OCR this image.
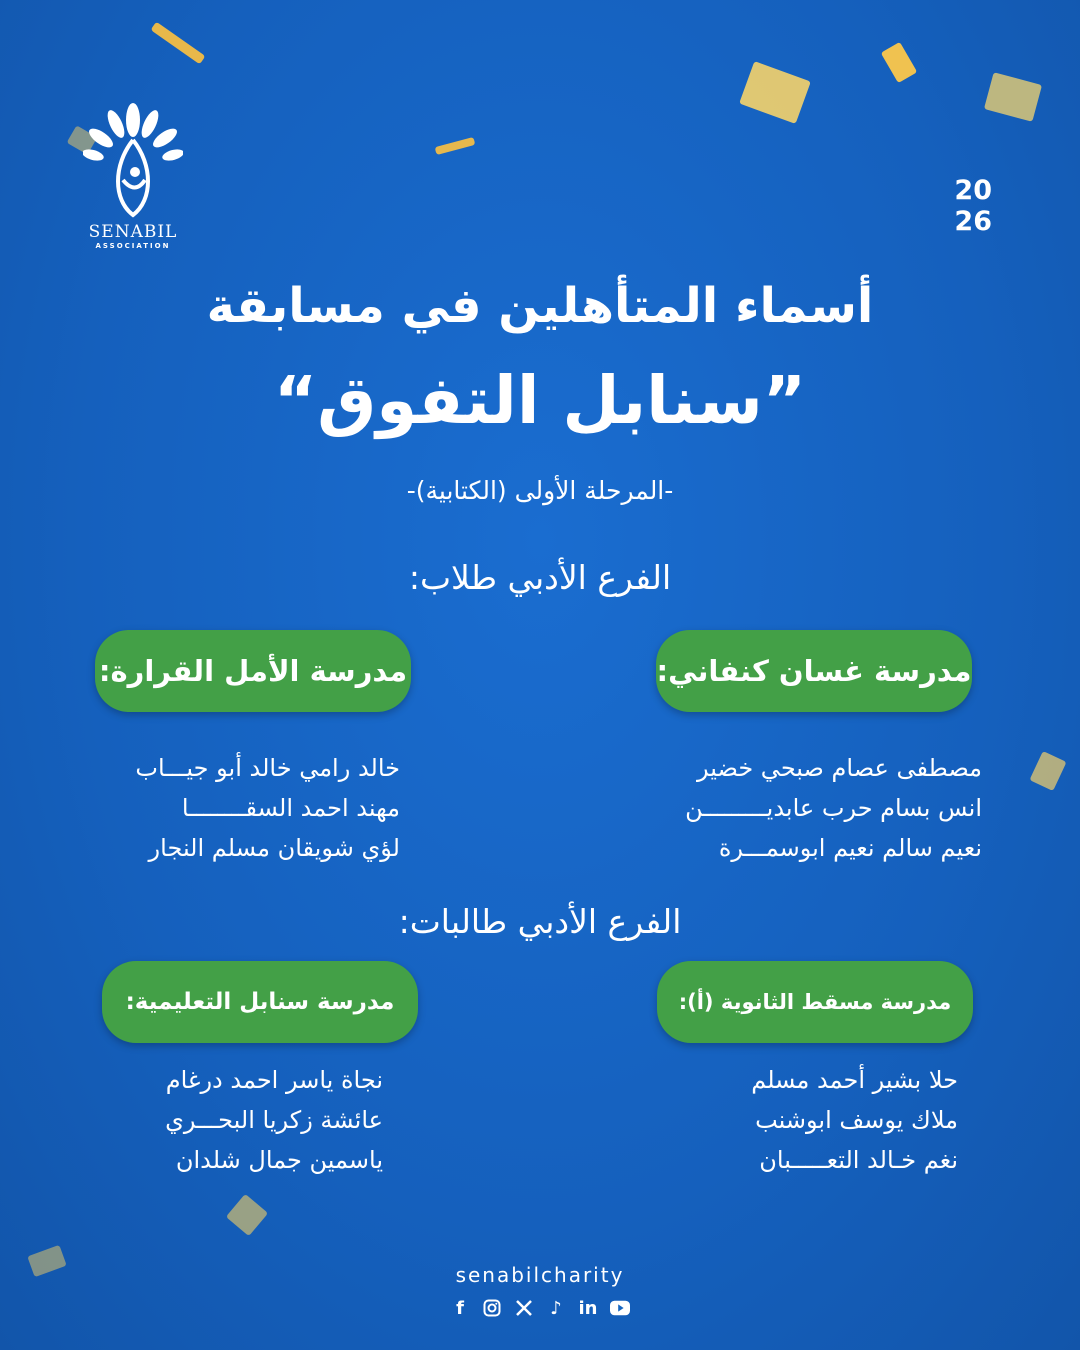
SENABIL
ASSOCIATION
20
26
أسماء المتأهلين في مسابقة
”سنابل التفوق“
-المرحلة الأولى (الكتابية)-
الفرع الأدبي طلاب:
مدرسة غسان كنفاني:
مدرسة الأمل القرارة:
مصطفى عصام صبحي خضير
انس بسام حرب عابديـــــــــن
نعيم سالم نعيم ابوسمـــرة
خالد رامي خالد أبو جيـــاب
مهند احمد السقــــــــا
لؤي شويقان مسلم النجار
الفرع الأدبي طالبات:
مدرسة مسقط الثانوية (أ):
مدرسة سنابل التعليمية:
حلا بشير أحمد مسلم
ملاك يوسف ابوشنب
نغم خـالد التعـــــبان
نجاة ياسر احمد درغام
عائشة زكريا البحـــري
ياسمين جمال شلدان
senabilcharity
f	♪ in
